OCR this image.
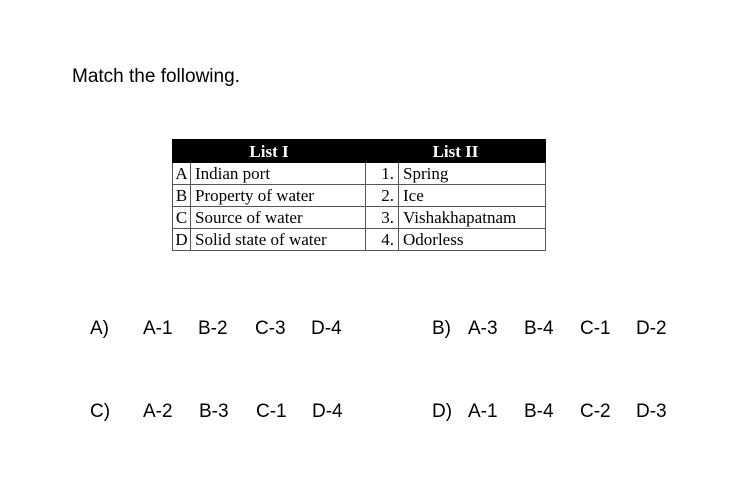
Match the following.
List I		List II	
A	Indian port	1.	Spring
B	Property of water	2.	Ice
C	Source of water	3.	Vishakhapatnam
D	Solid state of water	4.	Odorless
A) A-1 B-2 C-3 D-4	B) A-3 B-4 C-1 D-2
C) A-2 B-3 C-1 D-4	D) A-1 B-4 C-2 D-3
